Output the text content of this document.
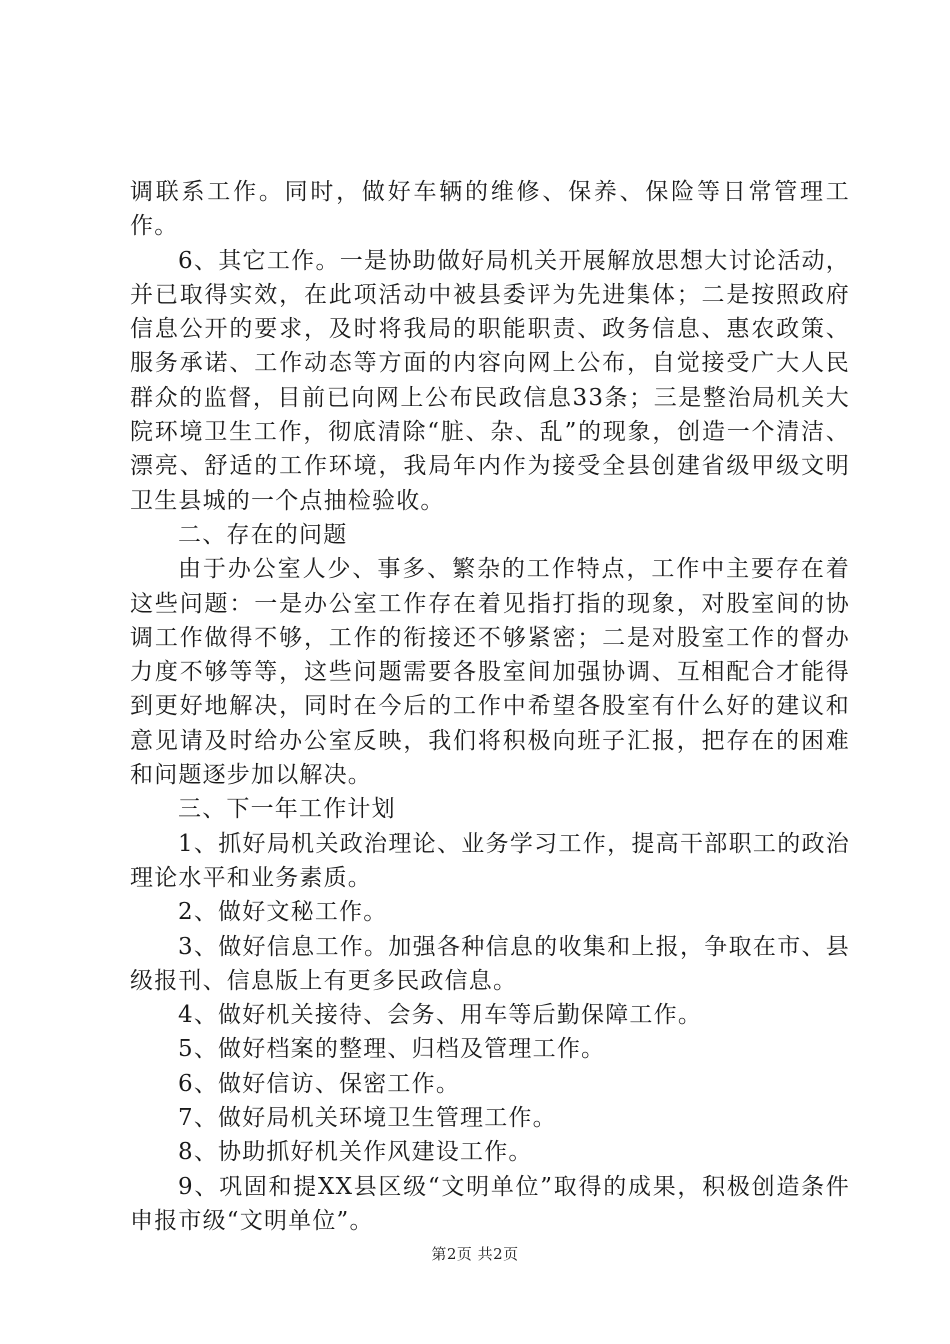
调联系工作。同时，做好车辆的维修、保养、保险等日常管理工作。

6、其它工作。一是协助做好局机关开展解放思想大讨论活动，并已取得实效，在此项活动中被县委评为先进集体；二是按照政府信息公开的要求，及时将我局的职能职责、政务信息、惠农政策、服务承诺、工作动态等方面的内容向网上公布，自觉接受广大人民群众的监督，目前已向网上公布民政信息33条；三是整治局机关大院环境卫生工作，彻底清除“脏、杂、乱”的现象，创造一个清洁、漂亮、舒适的工作环境，我局年内作为接受全县创建省级甲级文明卫生县城的一个点抽检验收。

二、存在的问题

由于办公室人少、事多、繁杂的工作特点，工作中主要存在着这些问题：一是办公室工作存在着见指打指的现象，对股室间的协调工作做得不够，工作的衔接还不够紧密；二是对股室工作的督办力度不够等等，这些问题需要各股室间加强协调、互相配合才能得到更好地解决，同时在今后的工作中希望各股室有什么好的建议和意见请及时给办公室反映，我们将积极向班子汇报，把存在的困难和问题逐步加以解决。

三、下一年工作计划

1、抓好局机关政治理论、业务学习工作，提高干部职工的政治理论水平和业务素质。

2、做好文秘工作。

3、做好信息工作。加强各种信息的收集和上报，争取在市、县级报刊、信息版上有更多民政信息。

4、做好机关接待、会务、用车等后勤保障工作。

5、做好档案的整理、归档及管理工作。

6、做好信访、保密工作。

7、做好局机关环境卫生管理工作。

8、协助抓好机关作风建设工作。

9、巩固和提XX县区级“文明单位”取得的成果，积极创造条件申报市级“文明单位”。

第2页 共2页
